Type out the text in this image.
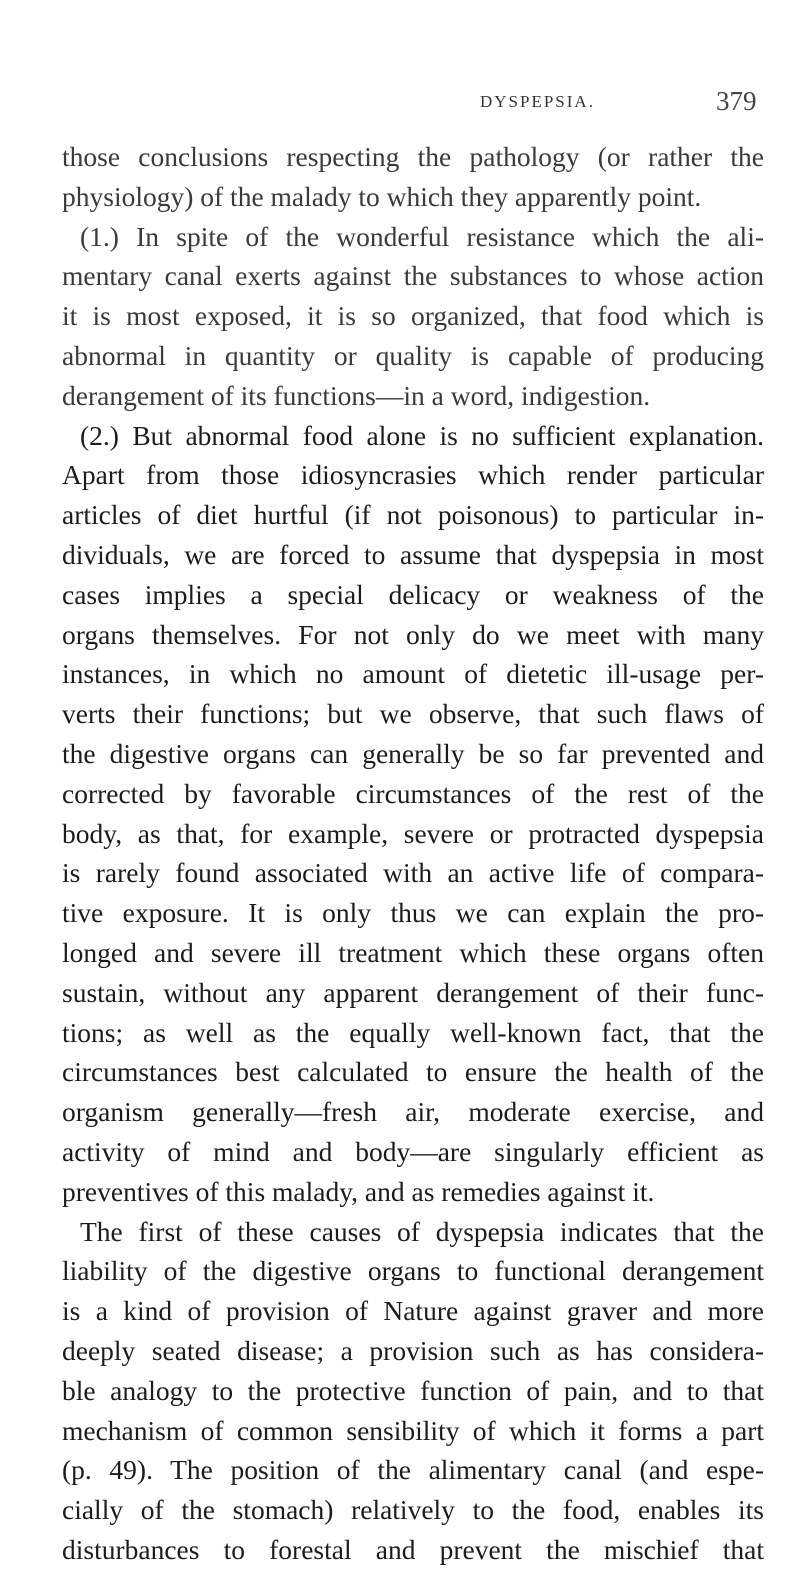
DYSPEPSIA.	379
those conclusions respecting the pathology (or rather the
physiology) of the malady to which they apparently point.
(1.) In spite of the wonderful resistance which the ali-
mentary canal exerts against the substances to whose action
it is most exposed, it is so organized, that food which is
abnormal in quantity or quality is capable of producing
derangement of its functions—in a word, indigestion.
(2.) But abnormal food alone is no sufficient explanation.
Apart from those idiosyncrasies which render particular
articles of diet hurtful (if not poisonous) to particular in-
dividuals, we are forced to assume that dyspepsia in most
cases implies a special delicacy or weakness of the
organs themselves. For not only do we meet with many
instances, in which no amount of dietetic ill-usage per-
verts their functions; but we observe, that such flaws of
the digestive organs can generally be so far prevented and
corrected by favorable circumstances of the rest of the
body, as that, for example, severe or protracted dyspepsia
is rarely found associated with an active life of compara-
tive exposure. It is only thus we can explain the pro-
longed and severe ill treatment which these organs often
sustain, without any apparent derangement of their func-
tions; as well as the equally well-known fact, that the
circumstances best calculated to ensure the health of the
organism generally—fresh air, moderate exercise, and
activity of mind and body—are singularly efficient as
preventives of this malady, and as remedies against it.
The first of these causes of dyspepsia indicates that the
liability of the digestive organs to functional derangement
is a kind of provision of Nature against graver and more
deeply seated disease; a provision such as has considera-
ble analogy to the protective function of pain, and to that
mechanism of common sensibility of which it forms a part
(p. 49). The position of the alimentary canal (and espe-
cially of the stomach) relatively to the food, enables its
disturbances to forestal and prevent the mischief that
